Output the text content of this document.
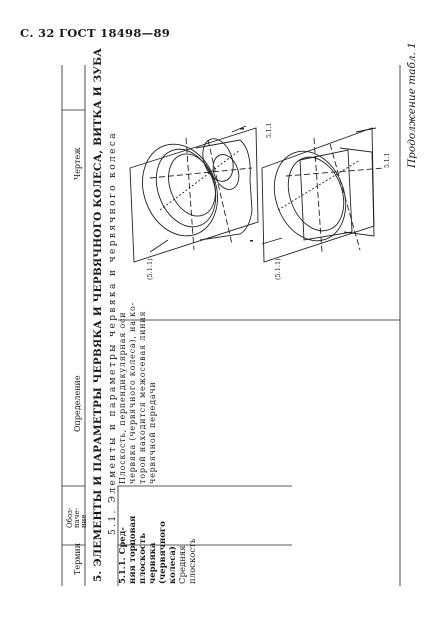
С. 32 ГОСТ 18498—89
Продолжение табл. 1
Термин
Обоз- наче- ние
Определение
Чертеж 5. ЭЛЕМЕНТЫ И ПАРАМЕТРЫ ЧЕРВЯКА И ЧЕРВЯЧНОГО КОЛЕСА, ВИТКА И ЗУБА 5.1. Элементы и параметры червяка и червячного колеса
5.1.1. Сред- няя торцовая плоскость червяка (червячного колеса) Средняя плоскость
Плоскость, перпендикулярная оси червяка (червячного колеса), на ко- торой находится межосевая линия червячной передачи
(5.1.1)	(5.1.1)
5.1.1
5.1.1
